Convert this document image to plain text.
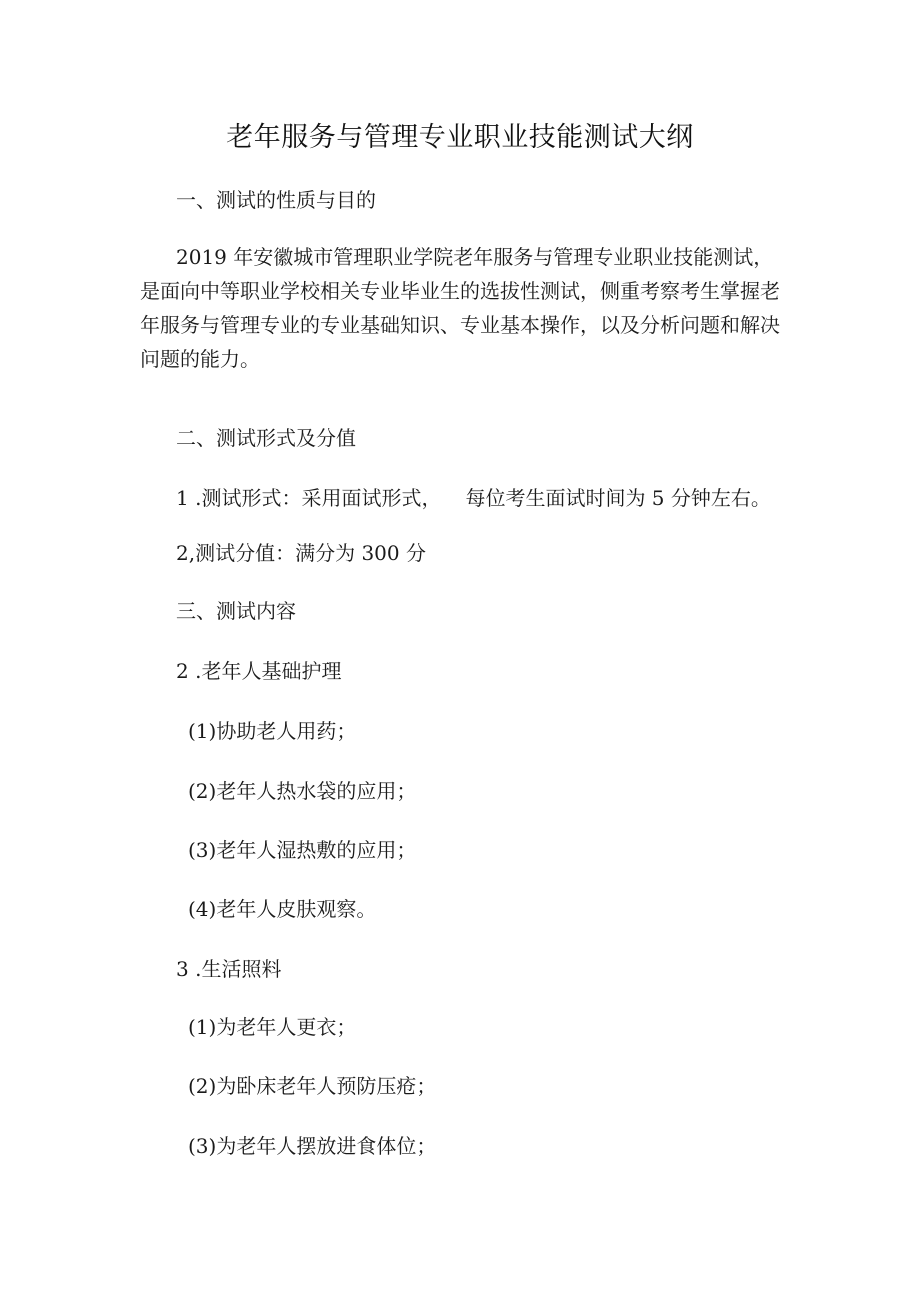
老年服务与管理专业职业技能测试大纲
一、测试的性质与目的
2019 年安徽城市管理职业学院老年服务与管理专业职业技能测试，
是面向中等职业学校相关专业毕业生的选拔性测试，侧重考察考生掌握老
年服务与管理专业的专业基础知识、专业基本操作，以及分析问题和解决
问题的能力。
二、测试形式及分值
1 .测试形式：采用面试形式， 每位考生面试时间为 5 分钟左右。
2,测试分值：满分为 300 分
三、测试内容
2 .老年人基础护理
(1)协助老人用药；
(2)老年人热水袋的应用；
(3)老年人湿热敷的应用；
(4)老年人皮肤观察。
3 .生活照料
(1)为老年人更衣；
(2)为卧床老年人预防压疮；
(3)为老年人摆放进食体位；
